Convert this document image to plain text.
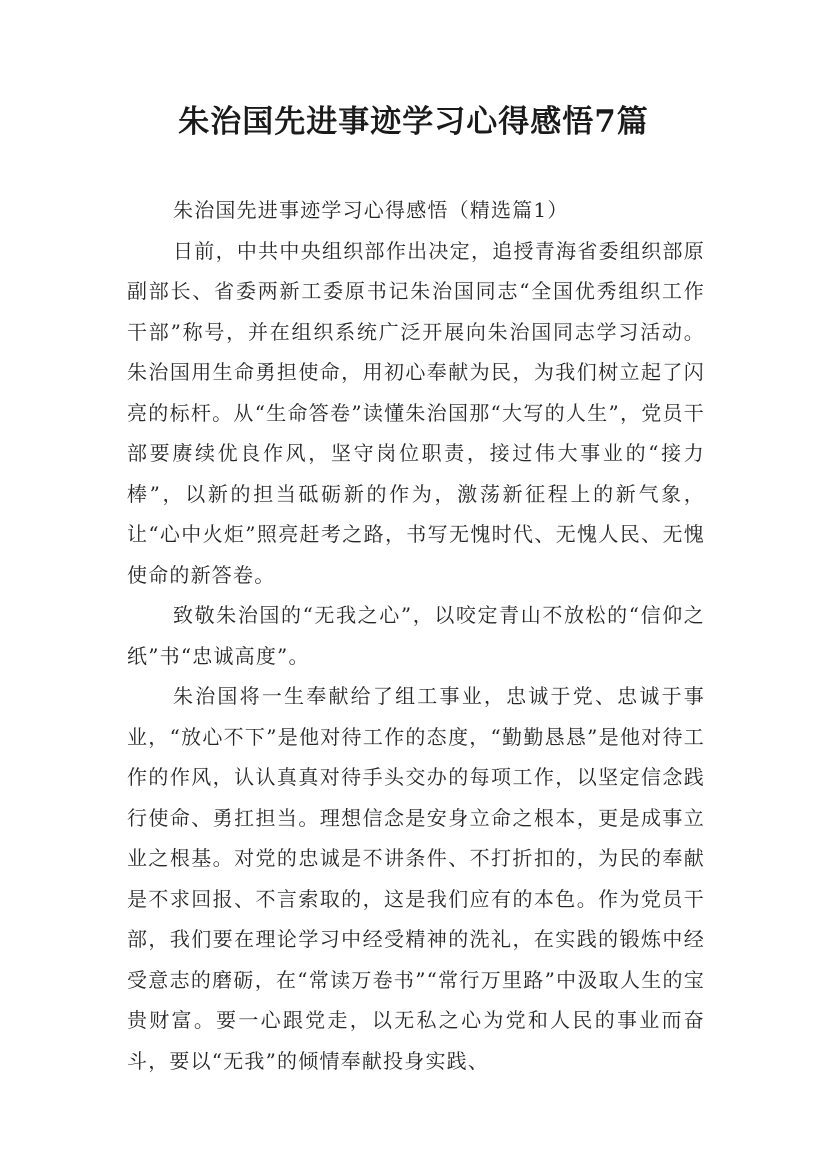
朱治国先进事迹学习心得感悟7篇

朱治国先进事迹学习心得感悟（精选篇1）

日前，中共中央组织部作出决定，追授青海省委组织部原副部长、省委两新工委原书记朱治国同志“全国优秀组织工作干部”称号，并在组织系统广泛开展向朱治国同志学习活动。朱治国用生命勇担使命，用初心奉献为民，为我们树立起了闪亮的标杆。从“生命答卷”读懂朱治国那“大写的人生”，党员干部要赓续优良作风，坚守岗位职责，接过伟大事业的“接力棒”，以新的担当砥砺新的作为，激荡新征程上的新气象，让“心中火炬”照亮赶考之路，书写无愧时代、无愧人民、无愧使命的新答卷。

致敬朱治国的“无我之心”，以咬定青山不放松的“信仰之纸”书“忠诚高度”。

朱治国将一生奉献给了组工事业，忠诚于党、忠诚于事业，“放心不下”是他对待工作的态度，“勤勤恳恳”是他对待工作的作风，认认真真对待手头交办的每项工作，以坚定信念践行使命、勇扛担当。理想信念是安身立命之根本，更是成事立业之根基。对党的忠诚是不讲条件、不打折扣的，为民的奉献是不求回报、不言索取的，这是我们应有的本色。作为党员干部，我们要在理论学习中经受精神的洗礼，在实践的锻炼中经受意志的磨砺，在“常读万卷书”“常行万里路”中汲取人生的宝贵财富。要一心跟党走，以无私之心为党和人民的事业而奋斗，要以“无我”的倾情奉献投身实践、
